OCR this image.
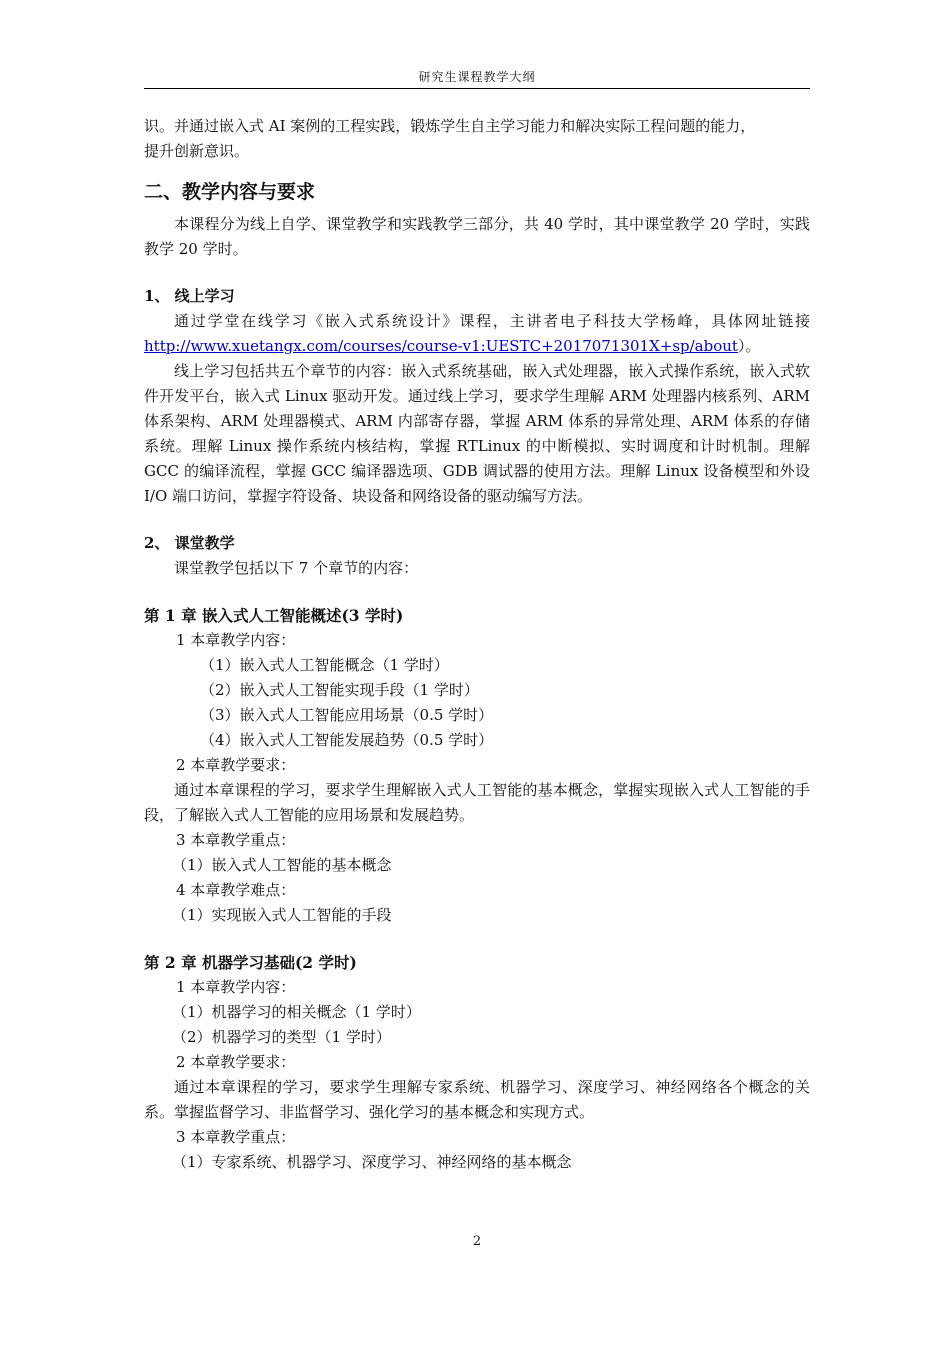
研究生课程教学大纲

识。并通过嵌入式 AI 案例的工程实践，锻炼学生自主学习能力和解决实际工程问题的能力，

提升创新意识。

二、教学内容与要求

本课程分为线上自学、课堂教学和实践教学三部分，共 40 学时，其中课堂教学 20 学时，实践教学 20 学时。

1、 线上学习

通过学堂在线学习《嵌入式系统设计》课程，主讲者电子科技大学杨峰，具体网址链接http://www.xuetangx.com/courses/course-v1:UESTC+2017071301X+sp/about）。

线上学习包括共五个章节的内容：嵌入式系统基础，嵌入式处理器，嵌入式操作系统，嵌入式软件开发平台，嵌入式 Linux 驱动开发。通过线上学习，要求学生理解 ARM 处理器内核系列、ARM 体系架构、ARM 处理器模式、ARM 内部寄存器，掌握 ARM 体系的异常处理、ARM 体系的存储系统。理解 Linux 操作系统内核结构，掌握 RTLinux 的中断模拟、实时调度和计时机制。理解 GCC 的编译流程，掌握 GCC 编译器选项、GDB 调试器的使用方法。理解 Linux 设备模型和外设 I/O 端口访问，掌握字符设备、块设备和网络设备的驱动编写方法。

2、 课堂教学

课堂教学包括以下 7 个章节的内容：

第 1 章 嵌入式人工智能概述(3 学时)

1 本章教学内容：

（1）嵌入式人工智能概念（1 学时）

（2）嵌入式人工智能实现手段（1 学时）

（3）嵌入式人工智能应用场景（0.5 学时）

（4）嵌入式人工智能发展趋势（0.5 学时）

2 本章教学要求：

通过本章课程的学习，要求学生理解嵌入式人工智能的基本概念，掌握实现嵌入式人工智能的手段，了解嵌入式人工智能的应用场景和发展趋势。

3 本章教学重点：

（1）嵌入式人工智能的基本概念

4 本章教学难点：

（1）实现嵌入式人工智能的手段

第 2 章 机器学习基础(2 学时)

1 本章教学内容：

（1）机器学习的相关概念（1 学时）

（2）机器学习的类型（1 学时）

2 本章教学要求：

通过本章课程的学习，要求学生理解专家系统、机器学习、深度学习、神经网络各个概念的关系。掌握监督学习、非监督学习、强化学习的基本概念和实现方式。

3 本章教学重点：

（1）专家系统、机器学习、深度学习、神经网络的基本概念

2
